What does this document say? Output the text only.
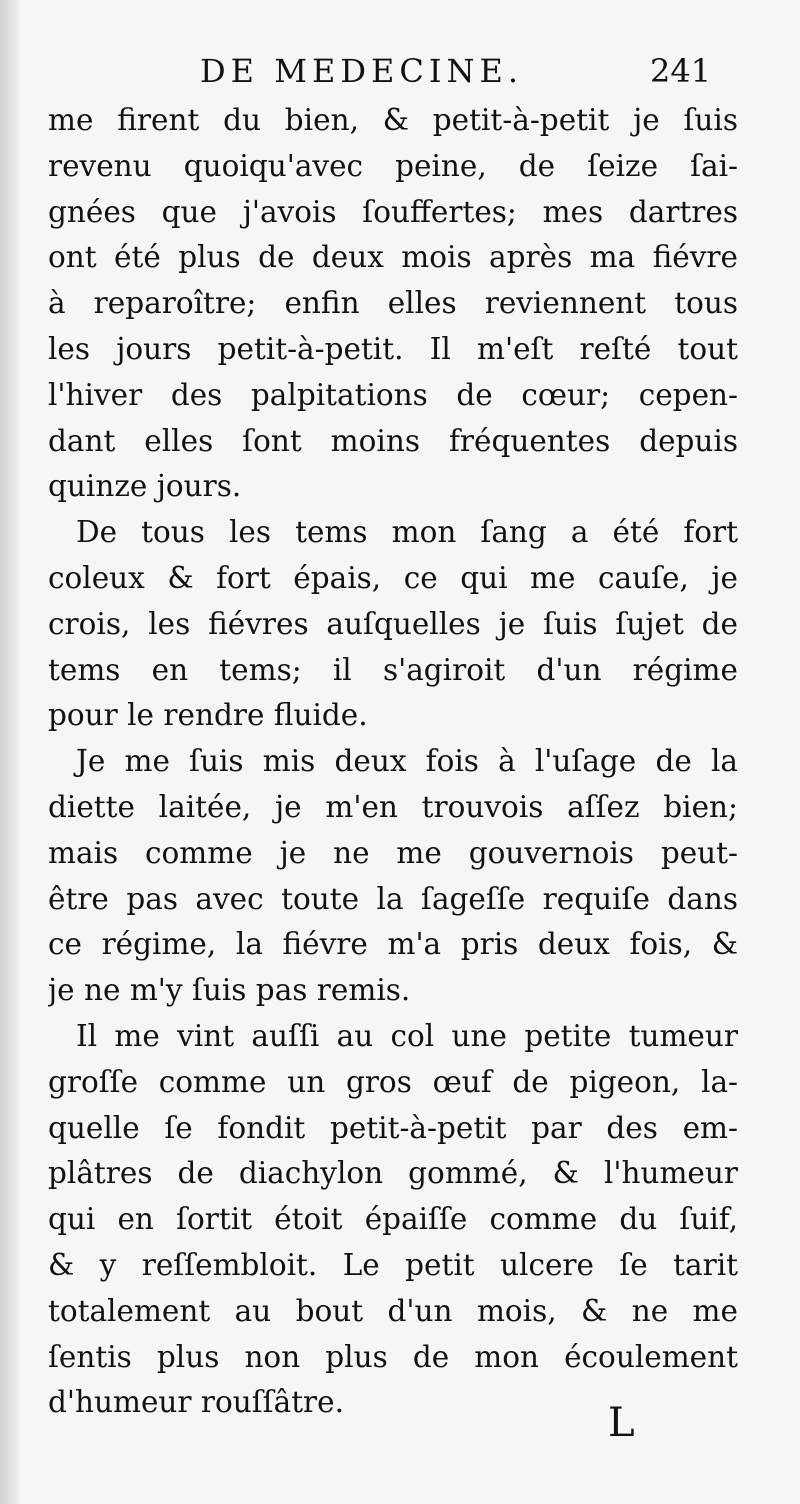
DE MEDECINE.	241
me firent du bien, & petit-à-petit je ſuis
revenu quoiqu'avec peine, de ſeize ſai-
gnées que j'avois ſouffertes; mes dartres
ont été plus de deux mois après ma fiévre
à reparoître; enfin elles reviennent tous
les jours petit-à-petit. Il m'eſt reſté tout
l'hiver des palpitations de cœur; cepen-
dant elles ſont moins fréquentes depuis
quinze jours.
De tous les tems mon ſang a été fort
coleux & fort épais, ce qui me cauſe, je
crois, les fiévres auſquelles je ſuis ſujet de
tems en tems; il s'agiroit d'un régime
pour le rendre fluide.
Je me ſuis mis deux fois à l'uſage de la
diette laitée, je m'en trouvois aſſez bien;
mais comme je ne me gouvernois peut-
être pas avec toute la ſageſſe requiſe dans
ce régime, la fiévre m'a pris deux fois, &
je ne m'y ſuis pas remis.
Il me vint auſſi au col une petite tumeur
groſſe comme un gros œuf de pigeon, la-
quelle ſe fondit petit-à-petit par des em-
plâtres de diachylon gommé, & l'humeur
qui en ſortit étoit épaiſſe comme du ſuif,
& y reſſembloit. Le petit ulcere ſe tarit
totalement au bout d'un mois, & ne me
ſentis plus non plus de mon écoulement
d'humeur rouſſâtre.	L
